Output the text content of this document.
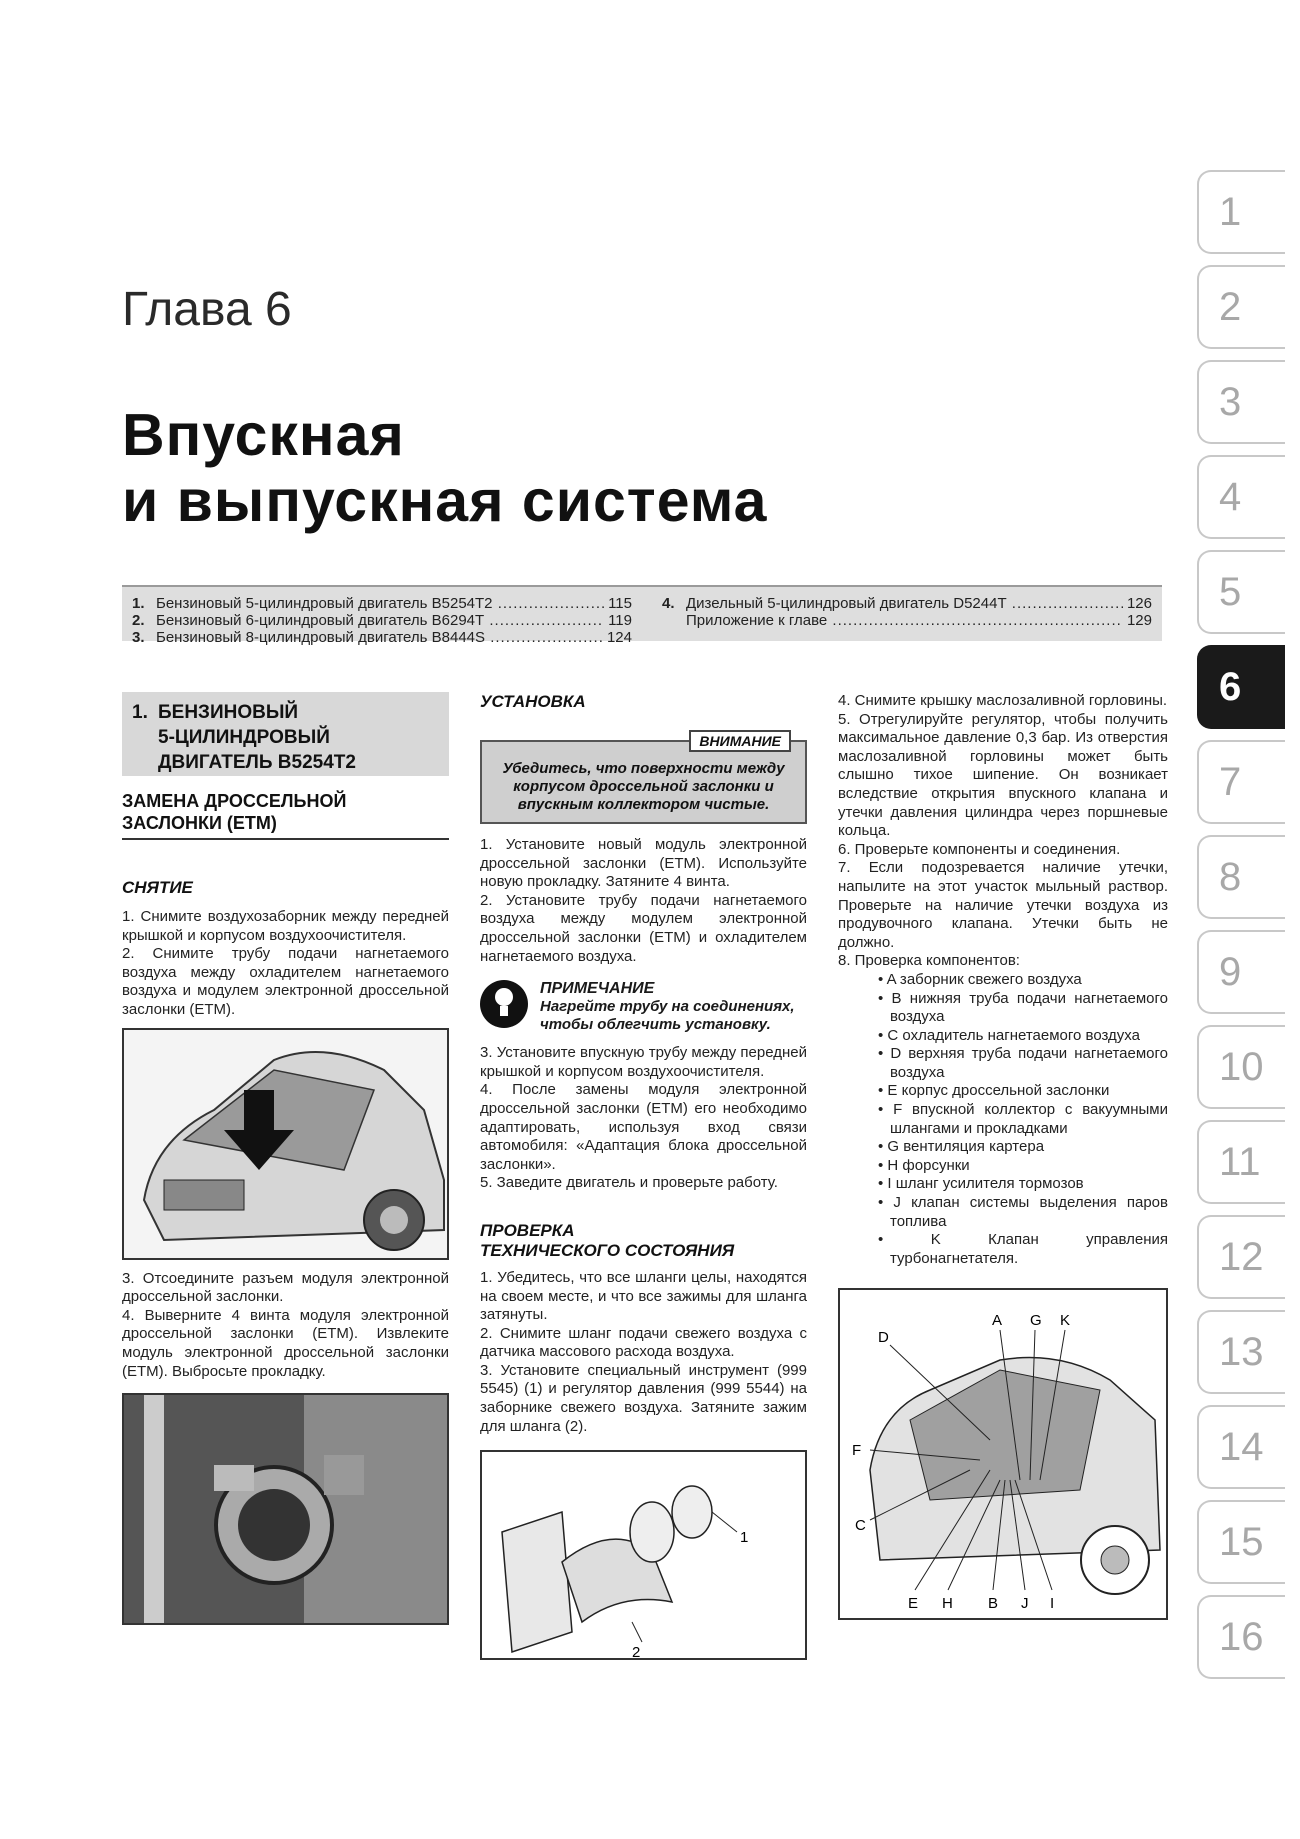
Глава 6
Впускная
и выпускная система
1. Бензиновый 5-цилиндровый двигатель B5254T2 .....	115
2. Бензиновый 6-цилиндровый двигатель B6294T .....	119
3. Бензиновый 8-цилиндровый двигатель B8444S .....	124
4. Дизельный 5-цилиндровый двигатель D5244T .....	126
Приложение к главе .....	129
1
2
3
4
5
6
7
8
9
10
11
12
13
14
15
16
1. БЕНЗИНОВЫЙ
5-ЦИЛИНДРОВЫЙ
ДВИГАТЕЛЬ B5254T2
ЗАМЕНА ДРОССЕЛЬНОЙ ЗАСЛОНКИ (ETM)
СНЯТИЕ

1. Снимите воздухозаборник между передней крышкой и корпусом воздухоочистителя.

2. Снимите трубу подачи нагнетаемого воздуха между охладителем нагнетаемого воздуха и модулем электронной дроссельной заслонки (ETM).

3. Отсоедините разъем модуля электронной дроссельной заслонки.

4. Выверните 4 винта модуля электронной дроссельной заслонки (ETM). Извлеките модуль электронной дроссельной заслонки (ETM). Выбросьте прокладку.

УСТАНОВКА
ВНИМАНИЕ
Убедитесь, что поверхности между корпусом дроссельной заслонки и впускным коллектором чистые.

1. Установите новый модуль электронной дроссельной заслонки (ETM). Используйте новую прокладку. Затяните 4 винта.

2. Установите трубу подачи нагнетаемого воздуха между модулем электронной дроссельной заслонки (ETM) и охладителем нагнетаемого воздуха.

ПРИМЕЧАНИЕ
Нагрейте трубу на соединениях, чтобы облегчить установку.

3. Установите впускную трубу между передней крышкой и корпусом воздухоочистителя.

4. После замены модуля электронной дроссельной заслонки (ETM) его необходимо адаптировать, используя вход связи автомобиля: «Адаптация блока дроссельной заслонки».

5. Заведите двигатель и проверьте работу.

ПРОВЕРКА
ТЕХНИЧЕСКОГО СОСТОЯНИЯ

1. Убедитесь, что все шланги целы, находятся на своем месте, и что все зажимы для шланга затянуты.

2. Снимите шланг подачи свежего воздуха с датчика массового расхода воздуха.

3. Установите специальный инструмент (999 5545) (1) и регулятор давления (999 5544) на заборнике свежего воздуха. Затяните зажим для шланга (2).

1
2
4. Снимите крышку маслозаливной горловины.
5. Отрегулируйте регулятор, чтобы получить максимальное давление 0,3 бар. Из отверстия маслозаливной горловины может быть слышно тихое шипение. Он возникает вследствие открытия впускного клапана и утечки давления цилиндра через поршневые кольца.
6. Проверьте компоненты и соединения.
7. Если подозревается наличие утечки, напылите на этот участок мыльный раствор. Проверьте на наличие утечки воздуха из продувочного клапана. Утечки быть не должно.
8. Проверка компонентов:
• A заборник свежего воздуха
• B нижняя труба подачи нагнетаемого воздуха
• C охладитель нагнетаемого воздуха
• D верхняя труба подачи нагнетаемого воздуха
• E корпус дроссельной заслонки
• F впускной коллектор с вакуумными шлангами и прокладками
• G вентиляция картера
• H форсунки
• I шланг усилителя тормозов
• J клапан системы выделения паров топлива
• K Клапан управления турбонагнетателя.
A G K
D
F
C
E H B J I
